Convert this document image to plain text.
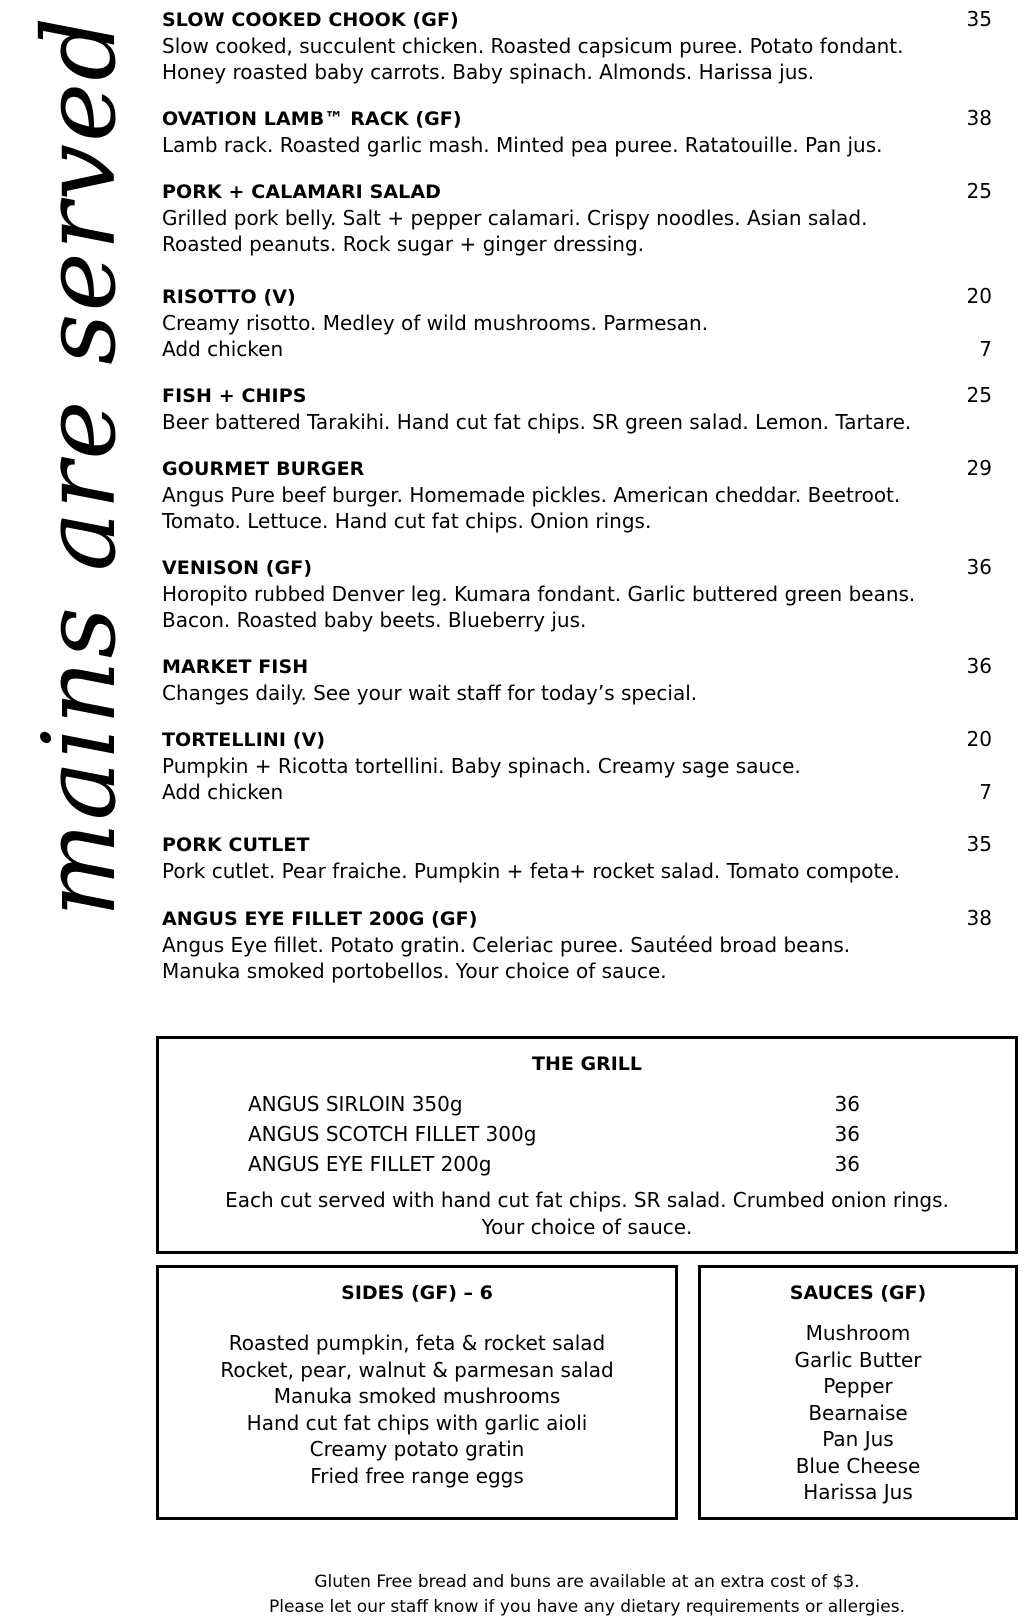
mains are served SLOW COOKED CHOOK (GF)	35
Slow cooked, succulent chicken. Roasted capsicum puree. Potato fondant.
Honey roasted baby carrots. Baby spinach. Almonds. Harissa jus.
OVATION LAMB™ RACK (GF)	38
Lamb rack. Roasted garlic mash. Minted pea puree. Ratatouille. Pan jus.
PORK + CALAMARI SALAD	25
Grilled pork belly. Salt + pepper calamari. Crispy noodles. Asian salad.
Roasted peanuts. Rock sugar + ginger dressing.
RISOTTO (V)	20
Creamy risotto. Medley of wild mushrooms. Parmesan.
Add chicken	7
FISH + CHIPS	25
Beer battered Tarakihi. Hand cut fat chips. SR green salad. Lemon. Tartare.
GOURMET BURGER	29
Angus Pure beef burger. Homemade pickles. American cheddar. Beetroot.
Tomato. Lettuce. Hand cut fat chips. Onion rings.
VENISON (GF)	36
Horopito rubbed Denver leg. Kumara fondant. Garlic buttered green beans.
Bacon. Roasted baby beets. Blueberry jus.
MARKET FISH	36
Changes daily. See your wait staff for today’s special.
TORTELLINI (V)	20
Pumpkin + Ricotta tortellini. Baby spinach. Creamy sage sauce.
Add chicken	7
PORK CUTLET	35
Pork cutlet. Pear fraiche. Pumpkin + feta+ rocket salad. Tomato compote.
ANGUS EYE FILLET 200G (GF)	38
Angus Eye fillet. Potato gratin. Celeriac puree. Sautéed broad beans.
Manuka smoked portobellos. Your choice of sauce.
THE GRILL
ANGUS SIRLOIN 350g	36
ANGUS SCOTCH FILLET 300g	36
ANGUS EYE FILLET 200g	36
Each cut served with hand cut fat chips. SR salad. Crumbed onion rings.
Your choice of sauce.
SIDES (GF) – 6
Roasted pumpkin, feta & rocket salad
Rocket, pear, walnut & parmesan salad
Manuka smoked mushrooms
Hand cut fat chips with garlic aioli
Creamy potato gratin
Fried free range eggs
SAUCES (GF)
Mushroom
Garlic Butter
Pepper
Bearnaise
Pan Jus
Blue Cheese
Harissa Jus
Gluten Free bread and buns are available at an extra cost of $3.
Please let our staff know if you have any dietary requirements or allergies.
